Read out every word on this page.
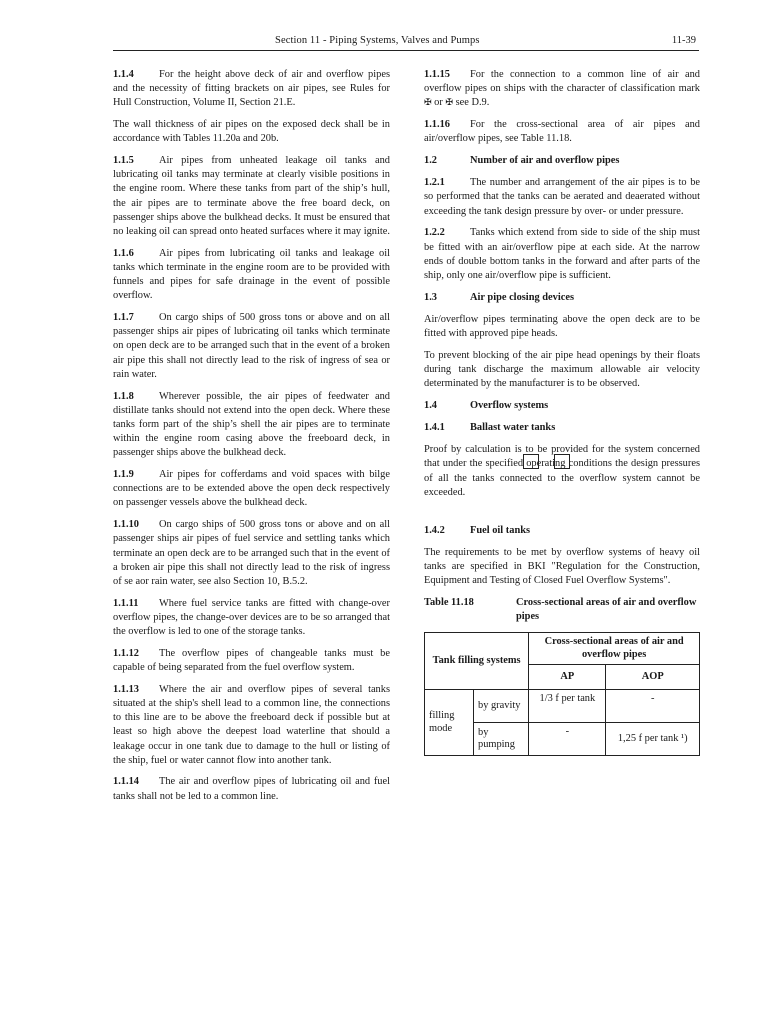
Section 11 - Piping Systems, Valves and Pumps	11-39

1.1.4 For the height above deck of air and overflow pipes and the necessity of fitting brackets on air pipes, see Rules for Hull Construction, Volume II, Section 21.E.

The wall thickness of air pipes on the exposed deck shall be in accordance with Tables 11.20a and 20b.

1.1.5 Air pipes from unheated leakage oil tanks and lubricating oil tanks may terminate at clearly visible positions in the engine room. Where these tanks from part of the ship’s hull, the air pipes are to terminate above the free board deck, on passenger ships above the bulkhead decks. It must be ensured that no leaking oil can spread onto heated surfaces where it may ignite.

1.1.6 Air pipes from lubricating oil tanks and leakage oil tanks which terminate in the engine room are to be provided with funnels and pipes for safe drainage in the event of possible overflow.

1.1.7 On cargo ships of 500 gross tons or above and on all passenger ships air pipes of lubricating oil tanks which terminate on open deck are to be arranged such that in the event of a broken air pipe this shall not directly lead to the risk of ingress of sea or rain water.

1.1.8 Wherever possible, the air pipes of feedwater and distillate tanks should not extend into the open deck. Where these tanks form part of the ship’s shell the air pipes are to terminate within the engine room casing above the freeboard deck, in passenger ships above the bulkhead deck.

1.1.9 Air pipes for cofferdams and void spaces with bilge connections are to be extended above the open deck respectively on passenger vessels above the bulkhead deck.

1.1.10 On cargo ships of 500 gross tons or above and on all passenger ships air pipes of fuel service and settling tanks which terminate an open deck are to be arranged such that in the event of a broken air pipe this shall not directly lead to the risk of ingress of se aor rain water, see also Section 10, B.5.2.

1.1.11 Where fuel service tanks are fitted with change-over overflow pipes, the change-over devices are to be so arranged that the overflow is led to one of the storage tanks.

1.1.12 The overflow pipes of changeable tanks must be capable of being separated from the fuel overflow system.

1.1.13 Where the air and overflow pipes of several tanks situated at the ship's shell lead to a common line, the connections to this line are to be above the freeboard deck if possible but at least so high above the deepest load waterline that should a leakage occur in one tank due to damage to the hull or listing of the ship, fuel or water cannot flow into another tank.

1.1.14 The air and overflow pipes of lubricating oil and fuel tanks shall not be led to a common line.

1.1.15 For the connection to a common line of air and overflow pipes on ships with the character of classification mark ✠ or ✠ see D.9.

1.1.16 For the cross-sectional area of air pipes and air/overflow pipes, see Table 11.18.

1.2	Number of air and overflow pipes

1.2.1 The number and arrangement of the air pipes is to be so performed that the tanks can be aerated and deaerated without exceeding the tank design pressure by over- or under pressure.

1.2.2 Tanks which extend from side to side of the ship must be fitted with an air/overflow pipe at each side. At the narrow ends of double bottom tanks in the forward and after parts of the ship, only one air/overflow pipe is sufficient.

1.3	Air pipe closing devices

Air/overflow pipes terminating above the open deck are to be fitted with approved pipe heads.

To prevent blocking of the air pipe head openings by their floats during tank discharge the maximum allowable air velocity determinated by the manufacturer is to be observed.

1.4	Overflow systems
1.4.1 Ballast water tanks

Proof by calculation is to be provided for the system concerned that under the specified operating conditions the design pressures of all the tanks connected to the overflow system cannot be exceeded.

1.4.2 Fuel oil tanks

The requirements to be met by overflow systems of heavy oil tanks are specified in BKI "Regulation for the Construction, Equipment and Testing of Closed Fuel Overflow Systems".

Table 11.18	Cross-sectional areas of air and overflow pipes
Tank filling systems		Cross-sectional areas of air and overflow pipes	
		AP	AOP
filling mode	by gravity	1/3 f per tank	-
	by pumping	-	1,25 f per tank ¹)
